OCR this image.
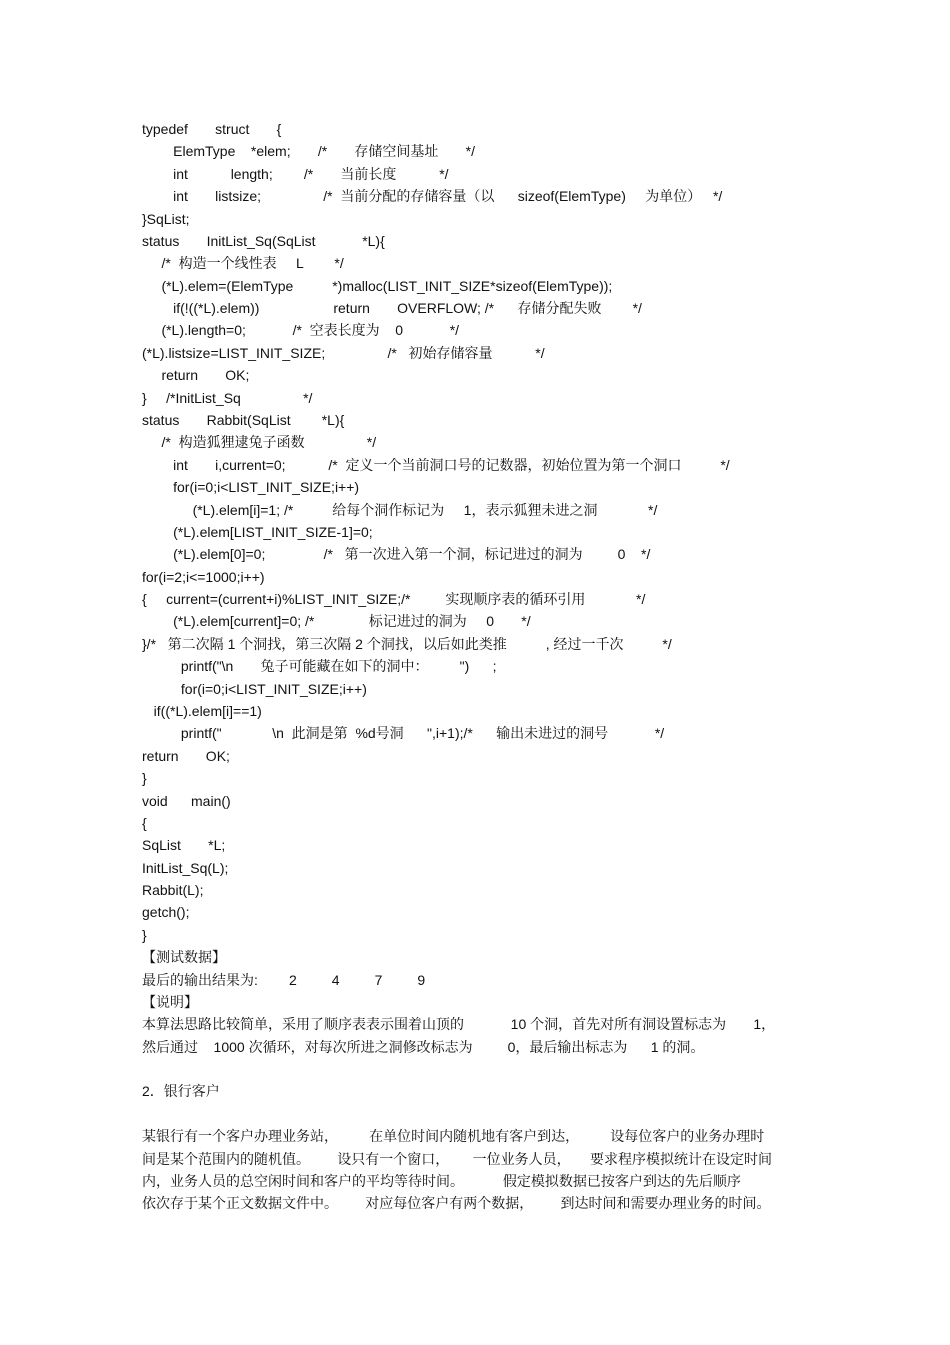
typedef       struct       {
ElemType    *elem;       /*       存储空间基址       */
int           length;        /*       当前长度           */
int       listsize;                /*  当前分配的存储容量（以      sizeof(ElemType)     为单位）   */
}SqList;
status       InitList_Sq(SqList            *L){
/*  构造一个线性表     L        */
(*L).elem=(ElemType          *)malloc(LIST_INIT_SIZE*sizeof(ElemType));
if(!((*L).elem))                   return       OVERFLOW; /*      存储分配失败        */
(*L).length=0;            /*  空表长度为    0            */
(*L).listsize=LIST_INIT_SIZE;                /*   初始存储容量           */
return       OK;
}     /*InitList_Sq                */
status       Rabbit(SqList        *L){
/*  构造狐狸逮兔子函数                */
int       i,current=0;           /*  定义一个当前洞口号的记数器，初始位置为第一个洞口          */
for(i=0;i<LIST_INIT_SIZE;i++)
(*L).elem[i]=1; /*          给每个洞作标记为     1，表示狐狸未进之洞             */
(*L).elem[LIST_INIT_SIZE-1]=0;
(*L).elem[0]=0;               /*   第一次进入第一个洞，标记进过的洞为         0    */
for(i=2;i<=1000;i++)
{     current=(current+i)%LIST_INIT_SIZE;/*         实现顺序表的循环引用             */
(*L).elem[current]=0; /*              标记进过的洞为     0       */
}/*   第二次隔 1 个洞找，第三次隔 2 个洞找，以后如此类推          , 经过一千次          */
printf("\n       兔子可能藏在如下的洞中：        ")      ;
for(i=0;i<LIST_INIT_SIZE;i++)
if((*L).elem[i]==1)
printf("             \n  此洞是第  %d号洞      ",i+1);/*      输出未进过的洞号            */
return       OK;
}
void      main()
{
SqList       *L;
InitList_Sq(L);
Rabbit(L);
getch();
}
【测试数据】
最后的输出结果为:        2         4         7         9
【说明】
本算法思路比较简单，采用了顺序表表示围着山顶的            10 个洞，首先对所有洞设置标志为       1，
然后通过    1000 次循环，对每次所进之洞修改标志为         0，最后输出标志为      1 的洞。
2．银行客户
某银行有一个客户办理业务站，        在单位时间内随机地有客户到达，        设每位客户的业务办理时
间是某个范围内的随机值。       设只有一个窗口，      一位业务人员，     要求程序模拟统计在设定时间
内，业务人员的总空闲时间和客户的平均等待时间。          假定模拟数据已按客户到达的先后顺序
依次存于某个正文数据文件中。       对应每位客户有两个数据，       到达时间和需要办理业务的时间。
